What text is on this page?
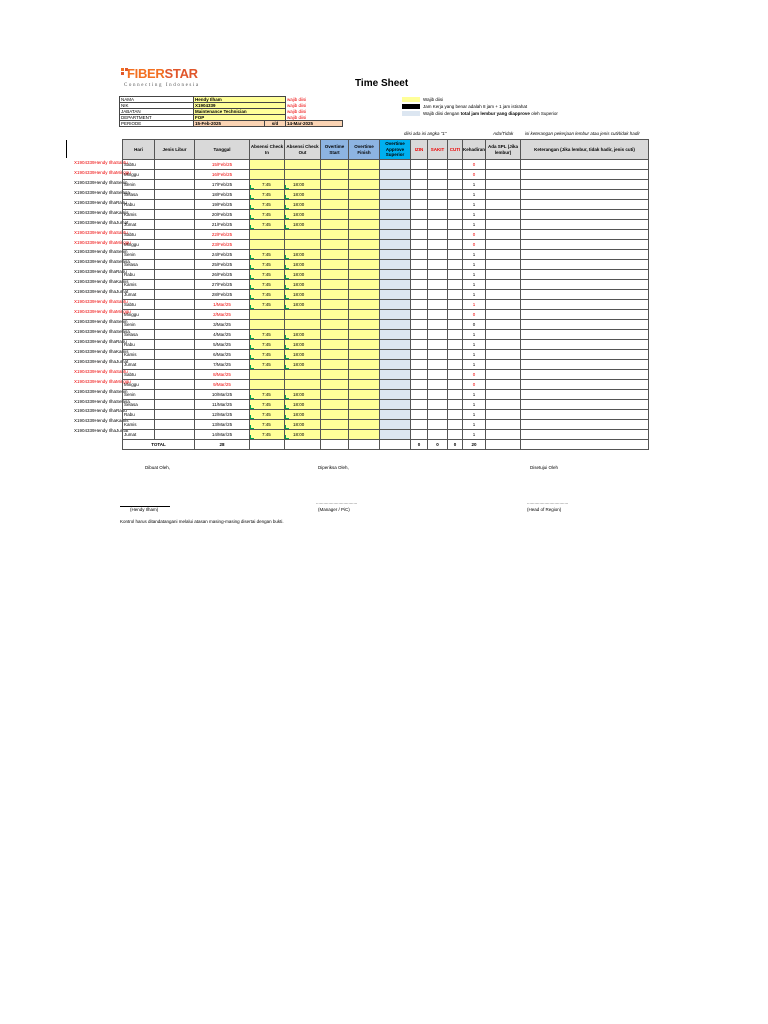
FIBERSTAR
Connecting Indonesia	Time Sheet
NAMA	Hendy Ilham		wajib diisi
NIK	X1904339		wajib diisi
JABATAN	Maintenance Technician		wajib diisi
DEPARTMENT	FOP		wajib diisi
PERIODE	15-Feb-2025	s/d	14-Mar-2025
Wajib diisi
Jam Kerja yang benar adalah 8 jam + 1 jam istirahat
Wajib diisi dengan total jam lembur yang diapprove oleh Superior
diisi ada isi angka "1"	Ada/Tidak	isi keterangan pekerjaan lembur atau jenis cuti/tidak hadir
X1904339Hendy IlhaSabtu
X1904339Hendy IlhaMinggu
X1904339Hendy IlhaSenin
X1904339Hendy IlhaSelasa
X1904339Hendy IlhaRabu
X1904339Hendy IlhaKamis
X1904339Hendy IlhaJumat
X1904339Hendy IlhaSabtu
X1904339Hendy IlhaMinggu
X1904339Hendy IlhaSenin
X1904339Hendy IlhaSelasa
X1904339Hendy IlhaRabu
X1904339Hendy IlhaKamis
X1904339Hendy IlhaJumat
X1904339Hendy IlhaSabtu
X1904339Hendy IlhaMinggu
X1904339Hendy IlhaSenin
X1904339Hendy IlhaSelasa
X1904339Hendy IlhaRabu
X1904339Hendy IlhaKamis
X1904339Hendy IlhaJumat
X1904339Hendy IlhaSabtu
X1904339Hendy IlhaMinggu
X1904339Hendy IlhaSenin
X1904339Hendy IlhaSelasa
X1904339Hendy IlhaRabu
X1904339Hendy IlhaKamis
X1904339Hendy IlhaJumat
Hari	Jenis Libur	Tanggal	Absensi Check In	Absensi Check Out	Overtime Start	Overtime Finish	Overtime Approve Superior	IZIN	SAKIT	CUTI	Kehadiran	Ada SPL (Jika lembur)	Keterangan (Jika lembur, tidak hadir, jenis cuti)
Sabtu		15/Feb/25									0		
Minggu		16/Feb/25									0		
Senin		17/Feb/25	7:45	18:00							1		
Selasa		18/Feb/25	7:45	18:00							1		
Rabu		19/Feb/25	7:45	18:00							1		
Kamis		20/Feb/25	7:45	18:00							1		
Jumat		21/Feb/25	7:45	18:00							1		
Sabtu		22/Feb/25									0		
Minggu		23/Feb/25									0		
Senin		24/Feb/25	7:45	18:00							1		
Selasa		25/Feb/25	7:45	18:00							1		
Rabu		26/Feb/25	7:45	18:00							1		
Kamis		27/Feb/25	7:45	18:00							1		
Jumat		28/Feb/25	7:45	18:00							1		
Sabtu		1/Mar/25	7:45	18:00							1		
Minggu		2/Mar/25									0		
Senin		3/Mar/25									0		
Selasa		4/Mar/25	7:45	18:00							1		
Rabu		5/Mar/25	7:45	18:00							1		
Kamis		6/Mar/25	7:45	18:00							1		
Jumat		7/Mar/25	7:45	18:00							1		
Sabtu		8/Mar/25									0		
Minggu		9/Mar/25									0		
Senin		10/Mar/25	7:45	18:00							1		
Selasa		11/Mar/25	7:45	18:00							1		
Rabu		12/Mar/25	7:45	18:00							1		
Kamis		13/Mar/25	7:45	18:00							1		
Jumat		14/Mar/25	7:45	18:00							1		
TOTAL		28						0	0	0	20		
Dibuat Oleh,	Diperiksa Oleh,	Disetujui Oleh
.................................	.................................
(Hendy Ilham)	(Manager / PiC)	(Head of Region)
Kontrol harus ditandatangani melalui atasan masing-masing disertai dengan bukti.
